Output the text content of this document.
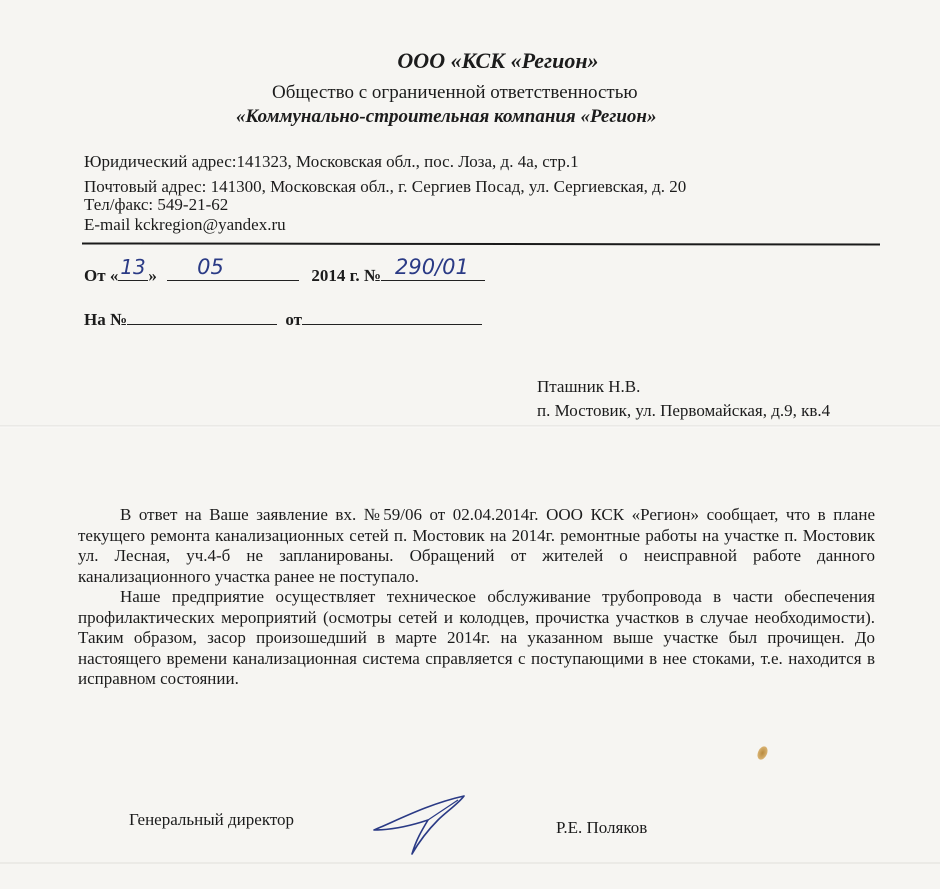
ООО «КСК «Регион»
Общество с ограниченной ответственностью
«Коммунально-строительная компания «Регион»
Юридический адрес:141323, Московская обл., пос. Лоза, д. 4а, стр.1
Почтовый адрес: 141300, Московская обл., г. Сергиев Посад, ул. Сергиевская, д. 20
Тел/факс: 549-21-62
E-mail kckregion@yandex.ru
От « 13 » 05	2014 г. № 290/01
На №	от
Пташник Н.В.
п. Мостовик, ул. Первомайская, д.9, кв.4

В ответ на Ваше заявление вх. №59/06 от 02.04.2014г. ООО КСК «Регион» сообщает, что в плане текущего ремонта канализационных сетей п. Мостовик на 2014г. ремонтные работы на участке п. Мостовик ул. Лесная, уч.4-б не запланированы. Обращений от жителей о неисправной работе данного канализационного участка ранее не поступало.

Наше предприятие осуществляет техническое обслуживание трубопровода в части обеспечения профилактических мероприятий (осмотры сетей и колодцев, прочистка участков в случае необходимости). Таким образом, засор произошедший в марте 2014г. на указанном выше участке был прочищен. До настоящего времени канализационная система справляется с поступающими в нее стоками, т.е. находится в исправном состоянии.

Генеральный директор	Р.Е. Поляков
